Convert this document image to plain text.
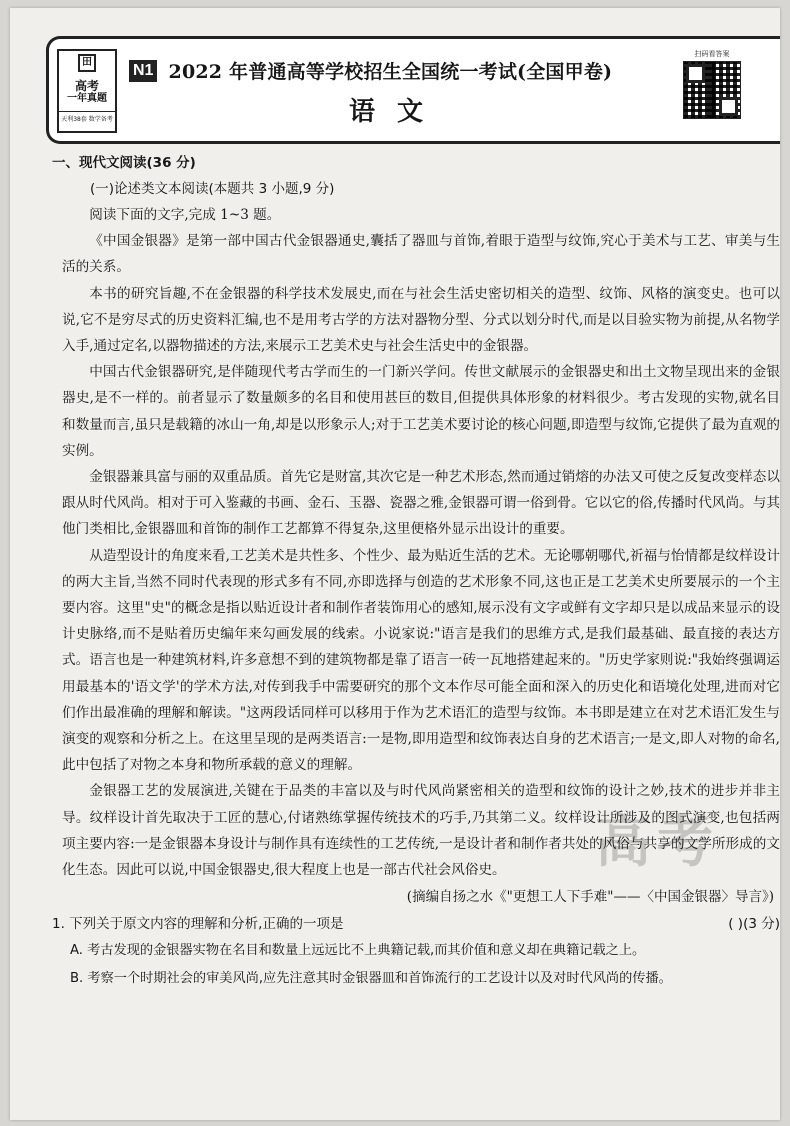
田
高考
一年真题
天利38套 数学备考
N1 2022 年普通高等学校招生全国统一考试(全国甲卷)
语文
扫码看答案
高考
一、现代文阅读(36 分)
(一)论述类文本阅读(本题共 3 小题,9 分)

阅读下面的文字,完成 1~3 题。

《中国金银器》是第一部中国古代金银器通史,囊括了器皿与首饰,着眼于造型与纹饰,究心于美术与工艺、审美与生活的关系。

本书的研究旨趣,不在金银器的科学技术发展史,而在与社会生活史密切相关的造型、纹饰、风格的演变史。也可以说,它不是穷尽式的历史资料汇编,也不是用考古学的方法对器物分型、分式以划分时代,而是以目验实物为前提,从名物学入手,通过定名,以器物描述的方法,来展示工艺美术史与社会生活史中的金银器。

中国古代金银器研究,是伴随现代考古学而生的一门新兴学问。传世文献展示的金银器史和出土文物呈现出来的金银器史,是不一样的。前者显示了数量颇多的名目和使用甚巨的数目,但提供具体形象的材料很少。考古发现的实物,就名目和数量而言,虽只是载籍的冰山一角,却是以形象示人;对于工艺美术要讨论的核心问题,即造型与纹饰,它提供了最为直观的实例。

金银器兼具富与丽的双重品质。首先它是财富,其次它是一种艺术形态,然而通过销熔的办法又可使之反复改变样态以跟从时代风尚。相对于可入鉴藏的书画、金石、玉器、瓷器之雅,金银器可谓一俗到骨。它以它的俗,传播时代风尚。与其他门类相比,金银器皿和首饰的制作工艺都算不得复杂,这里便格外显示出设计的重要。

从造型设计的角度来看,工艺美术是共性多、个性少、最为贴近生活的艺术。无论哪朝哪代,祈福与怡情都是纹样设计的两大主旨,当然不同时代表现的形式多有不同,亦即选择与创造的艺术形象不同,这也正是工艺美术史所要展示的一个主要内容。这里"史"的概念是指以贴近设计者和制作者装饰用心的感知,展示没有文字或鲜有文字却只是以成品来显示的设计史脉络,而不是贴着历史编年来勾画发展的线索。小说家说:"语言是我们的思维方式,是我们最基础、最直接的表达方式。语言也是一种建筑材料,许多意想不到的建筑物都是靠了语言一砖一瓦地搭建起来的。"历史学家则说:"我始终强调运用最基本的'语文学'的学术方法,对传到我手中需要研究的那个文本作尽可能全面和深入的历史化和语境化处理,进而对它们作出最准确的理解和解读。"这两段话同样可以移用于作为艺术语汇的造型与纹饰。本书即是建立在对艺术语汇发生与演变的观察和分析之上。在这里呈现的是两类语言:一是物,即用造型和纹饰表达自身的艺术语言;一是文,即人对物的命名,此中包括了对物之本身和物所承载的意义的理解。

金银器工艺的发展演进,关键在于品类的丰富以及与时代风尚紧密相关的造型和纹饰的设计之妙,技术的进步并非主导。纹样设计首先取决于工匠的慧心,付诸熟练掌握传统技术的巧手,乃其第二义。纹样设计所涉及的图式演变,也包括两项主要内容:一是金银器本身设计与制作具有连续性的工艺传统,一是设计者和制作者共处的风俗与共享的文学所形成的文化生态。因此可以说,中国金银器史,很大程度上也是一部古代社会风俗史。

(摘编自扬之水《"更想工人下手难"——〈中国金银器〉导言》)
1. 下列关于原文内容的理解和分析,正确的一项是	( )(3 分)
A. 考古发现的金银器实物在名目和数量上远远比不上典籍记载,而其价值和意义却在典籍记载之上。
B. 考察一个时期社会的审美风尚,应先注意其时金银器皿和首饰流行的工艺设计以及对时代风尚的传播。
